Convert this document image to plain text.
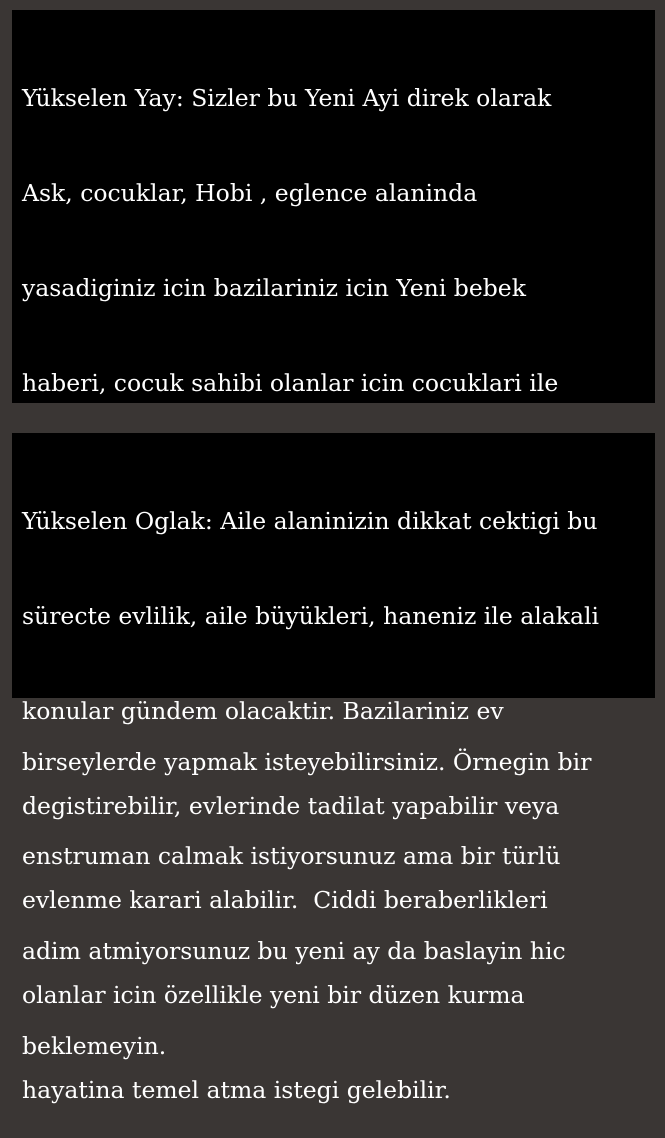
Yükselen Yay: Sizler bu Yeni Ayi direk olarak

Ask, cocuklar, Hobi , eglence alaninda

yasadiginiz icin bazilariniz icin Yeni bebek

haberi, cocuk sahibi olanlar icin cocuklari ile

birseylerde yapmak isteyebilirsiniz. Örnegin bir

enstruman calmak istiyorsunuz ama bir türlü

adim atmiyorsunuz bu yeni ay da baslayin hic

beklemeyin.

Yükselen Oglak: Aile alaninizin dikkat cektigi bu

sürecte evlilik, aile büyükleri, haneniz ile alakali

konular gündem olacaktir. Bazilariniz ev

degistirebilir, evlerinde tadilat yapabilir veya

evlenme karari alabilir.  Ciddi beraberlikleri

olanlar icin özellikle yeni bir düzen kurma

hayatina temel atma istegi gelebilir.
